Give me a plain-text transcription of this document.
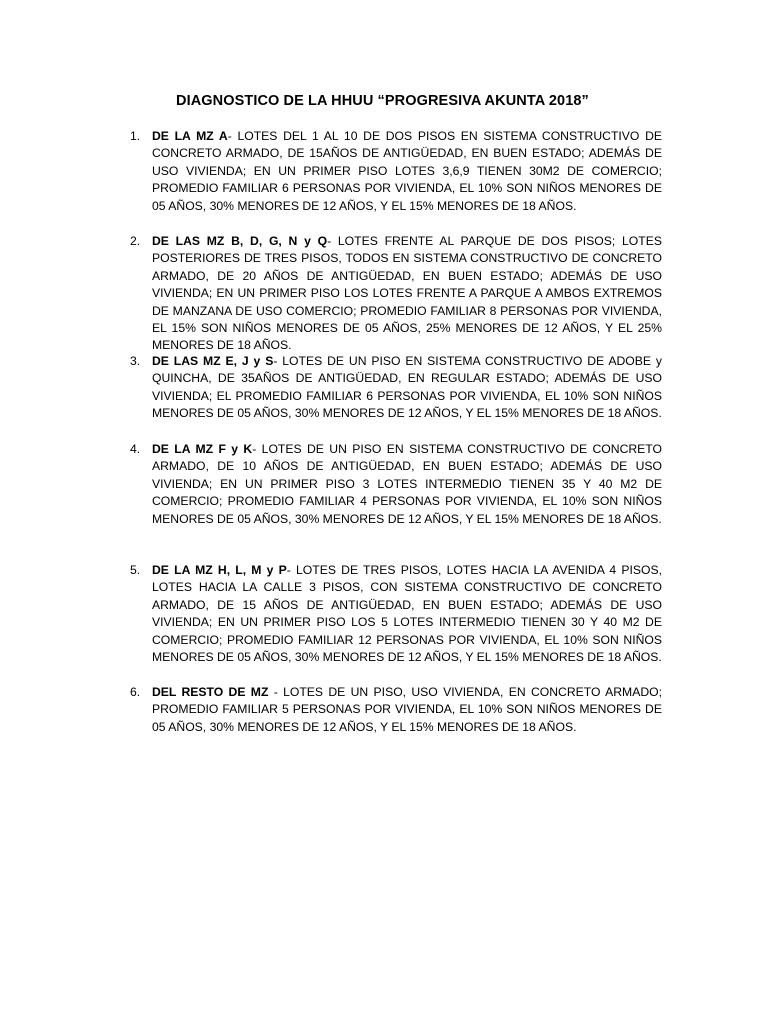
DIAGNOSTICO DE LA HHUU “PROGRESIVA AKUNTA 2018”
1. DE LA MZ A- LOTES DEL 1 AL 10 DE DOS PISOS EN SISTEMA CONSTRUCTIVO DE CONCRETO ARMADO, DE 15AÑOS DE ANTIGÜEDAD, EN BUEN ESTADO; ADEMÁS DE USO VIVIENDA; EN UN PRIMER PISO LOTES 3,6,9 TIENEN 30M2 DE COMERCIO; PROMEDIO FAMILIAR 6 PERSONAS POR VIVIENDA, EL 10% SON NIÑOS MENORES DE 05 AÑOS, 30% MENORES DE 12 AÑOS, Y EL 15% MENORES DE 18 AÑOS.
2. DE LAS MZ B, D, G, N y Q- LOTES FRENTE AL PARQUE DE DOS PISOS; LOTES POSTERIORES DE TRES PISOS, TODOS EN SISTEMA CONSTRUCTIVO DE CONCRETO ARMADO, DE 20 AÑOS DE ANTIGÜEDAD, EN BUEN ESTADO; ADEMÁS DE USO VIVIENDA; EN UN PRIMER PISO LOS LOTES FRENTE A PARQUE A AMBOS EXTREMOS DE MANZANA DE USO COMERCIO; PROMEDIO FAMILIAR 8 PERSONAS POR VIVIENDA, EL 15% SON NIÑOS MENORES DE 05 AÑOS, 25% MENORES DE 12 AÑOS, Y EL 25% MENORES DE 18 AÑOS.
3. DE LAS MZ E, J y S- LOTES DE UN PISO EN SISTEMA CONSTRUCTIVO DE ADOBE y QUINCHA, DE 35AÑOS DE ANTIGÜEDAD, EN REGULAR ESTADO; ADEMÁS DE USO VIVIENDA; EL PROMEDIO FAMILIAR 6 PERSONAS POR VIVIENDA, EL 10% SON NIÑOS MENORES DE 05 AÑOS, 30% MENORES DE 12 AÑOS, Y EL 15% MENORES DE 18 AÑOS.
4. DE LA MZ F y K- LOTES DE UN PISO EN SISTEMA CONSTRUCTIVO DE CONCRETO ARMADO, DE 10 AÑOS DE ANTIGÜEDAD, EN BUEN ESTADO; ADEMÁS DE USO VIVIENDA; EN UN PRIMER PISO 3 LOTES INTERMEDIO TIENEN 35 Y 40 M2 DE COMERCIO; PROMEDIO FAMILIAR 4 PERSONAS POR VIVIENDA, EL 10% SON NIÑOS MENORES DE 05 AÑOS, 30% MENORES DE 12 AÑOS, Y EL 15% MENORES DE 18 AÑOS.
5. DE LA MZ H, L, M y P- LOTES DE TRES PISOS, LOTES HACIA LA AVENIDA 4 PISOS, LOTES HACIA LA CALLE 3 PISOS, CON SISTEMA CONSTRUCTIVO DE CONCRETO ARMADO, DE 15 AÑOS DE ANTIGÜEDAD, EN BUEN ESTADO; ADEMÁS DE USO VIVIENDA; EN UN PRIMER PISO LOS 5 LOTES INTERMEDIO TIENEN 30 Y 40 M2 DE COMERCIO; PROMEDIO FAMILIAR 12 PERSONAS POR VIVIENDA, EL 10% SON NIÑOS MENORES DE 05 AÑOS, 30% MENORES DE 12 AÑOS, Y EL 15% MENORES DE 18 AÑOS.
6. DEL RESTO DE MZ - LOTES DE UN PISO, USO VIVIENDA, EN CONCRETO ARMADO; PROMEDIO FAMILIAR 5 PERSONAS POR VIVIENDA, EL 10% SON NIÑOS MENORES DE 05 AÑOS, 30% MENORES DE 12 AÑOS, Y EL 15% MENORES DE 18 AÑOS.
